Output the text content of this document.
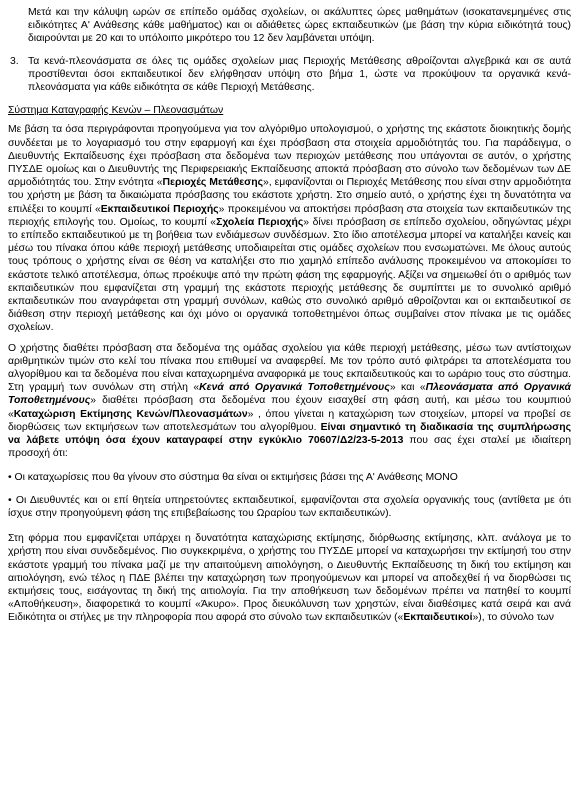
Μετά και την κάλυψη ωρών σε επίπεδο ομάδας σχολείων, οι ακάλυπτες ώρες μαθημάτων (ισοκατανεμημένες στις ειδικότητες Α' Ανάθεσης κάθε μαθήματος) και οι αδιάθετες ώρες εκπαιδευτικών (με βάση την κύρια ειδικότητά τους) διαιρούνται με 20 και το υπόλοιπο μικρότερο του 12 δεν λαμβάνεται υπόψη.

3. Τα κενά-πλεονάσματα σε όλες τις ομάδες σχολείων μιας Περιοχής Μετάθεσης αθροίζονται αλγεβρικά και σε αυτά προστίθενται όσοι εκπαιδευτικοί δεν ελήφθησαν υπόψη στο βήμα 1, ώστε να προκύψουν τα οργανικά κενά-πλεονάσματα για κάθε ειδικότητα σε κάθε Περιοχή Μετάθεσης.

Σύστημα Καταγραφής Κενών – Πλεονασμάτων

Με βάση τα όσα περιγράφονται προηγούμενα για τον αλγόριθμο υπολογισμού, ο χρήστης της εκάστοτε διοικητικής δομής συνδέεται με το λογαριασμό του στην εφαρμογή και έχει πρόσβαση στα στοιχεία αρμοδιότητάς του. Για παράδειγμα, ο Διευθυντής Εκπαίδευσης έχει πρόσβαση στα δεδομένα των περιοχών μετάθεσης που υπάγονται σε αυτόν, ο χρήστης ΠΥΣΔΕ ομοίως και ο Διευθυντής της Περιφερειακής Εκπαίδευσης αποκτά πρόσβαση στο σύνολο των δεδομένων των ΔΕ αρμοδιότητάς του. Στην ενότητα «Περιοχές Μετάθεσης», εμφανίζονται οι Περιοχές Μετάθεσης που είναι στην αρμοδιότητα του χρήστη με βάση τα δικαιώματα πρόσβασης του εκάστοτε χρήστη. Στο σημείο αυτό, ο χρήστης έχει τη δυνατότητα να επιλέξει το κουμπί «Εκπαιδευτικοί Περιοχής» προκειμένου να αποκτήσει πρόσβαση στα στοιχεία των εκπαιδευτικών της περιοχής επιλογής του. Ομοίως, το κουμπί «Σχολεία Περιοχής» δίνει πρόσβαση σε επίπεδο σχολείου, οδηγώντας μέχρι το επίπεδο εκπαιδευτικού με τη βοήθεια των ενδιάμεσων συνδέσμων. Στο ίδιο αποτέλεσμα μπορεί να καταλήξει κανείς και μέσω του πίνακα όπου κάθε περιοχή μετάθεσης υποδιαιρείται στις ομάδες σχολείων που ενσωματώνει. Με όλους αυτούς τους τρόπους ο χρήστης είναι σε θέση να καταλήξει στο πιο χαμηλό επίπεδο ανάλυσης προκειμένου να αποκομίσει το εκάστοτε τελικό αποτέλεσμα, όπως προέκυψε από την πρώτη φάση της εφαρμογής. Αξίζει να σημειωθεί ότι ο αριθμός των εκπαιδευτικών που εμφανίζεται στη γραμμή της εκάστοτε περιοχής μετάθεσης δε συμπίπτει με το συνολικό αριθμό εκπαιδευτικών που αναγράφεται στη γραμμή συνόλων, καθώς στο συνολικό αριθμό αθροίζονται και οι εκπαιδευτικοί σε διάθεση στην περιοχή μετάθεσης και όχι μόνο οι οργανικά τοποθετημένοι όπως συμβαίνει στον πίνακα με τις ομάδες σχολείων.

Ο χρήστης διαθέτει πρόσβαση στα δεδομένα της ομάδας σχολείου για κάθε περιοχή μετάθεσης, μέσω των αντίστοιχων αριθμητικών τιμών στο κελί του πίνακα που επιθυμεί να αναφερθεί. Με τον τρόπο αυτό φιλτράρει τα αποτελέσματα του αλγορίθμου και τα δεδομένα που είναι καταχωρημένα αναφορικά με τους εκπαιδευτικούς και το ωράριο τους στο σύστημα. Στη γραμμή των συνόλων στη στήλη «Κενά από Οργανικά Τοποθετημένους» και «Πλεονάσματα από Οργανικά Τοποθετημένους» διαθέτει πρόσβαση στα δεδομένα που έχουν εισαχθεί στη φάση αυτή, και μέσω του κουμπιού «Καταχώριση Εκτίμησης Κενών/Πλεονασμάτων» , όπου γίνεται η καταχώριση των στοιχείων, μπορεί να προβεί σε διορθώσεις των εκτιμήσεων των αποτελεσμάτων του αλγορίθμου. Είναι σημαντικό τη διαδικασία της συμπλήρωσης να λάβετε υπόψη όσα έχουν καταγραφεί στην εγκύκλιο 70607/Δ2/23-5-2013 που σας έχει σταλεί με ιδιαίτερη προσοχή ότι:

• Οι καταχωρίσεις που θα γίνουν στο σύστημα θα είναι οι εκτιμήσεις βάσει της Α' Ανάθεσης ΜΟΝΟ

• Οι Διευθυντές και οι επί θητεία υπηρετούντες εκπαιδευτικοί, εμφανίζονται στα σχολεία οργανικής τους (αντίθετα με ότι ίσχυε στην προηγούμενη φάση της επιβεβαίωσης του Ωραρίου των εκπαιδευτικών).

Στη φόρμα που εμφανίζεται υπάρχει η δυνατότητα καταχώρισης εκτίμησης, διόρθωσης εκτίμησης, κλπ. ανάλογα με το χρήστη που είναι συνδεδεμένος. Πιο συγκεκριμένα, ο χρήστης του ΠΥΣΔΕ μπορεί να καταχωρήσει την εκτίμησή του στην εκάστοτε γραμμή του πίνακα μαζί με την απαιτούμενη αιτιολόγηση, ο Διευθυντής Εκπαίδευσης τη δική του εκτίμηση και αιτιολόγηση, ενώ τέλος η ΠΔΕ βλέπει την καταχώρηση των προηγούμενων και μπορεί να αποδεχθεί ή να διορθώσει τις εκτιμήσεις τους, εισάγοντας τη δική της αιτιολογία. Για την αποθήκευση των δεδομένων πρέπει να πατηθεί το κουμπί «Αποθήκευση», διαφορετικά το κουμπί «Άκυρο». Προς διευκόλυνση των χρηστών, είναι διαθέσιμες κατά σειρά και ανά Ειδικότητα οι στήλες με την πληροφορία που αφορά στο σύνολο των εκπαιδευτικών («Εκπαιδευτικοί»), το σύνολο των
